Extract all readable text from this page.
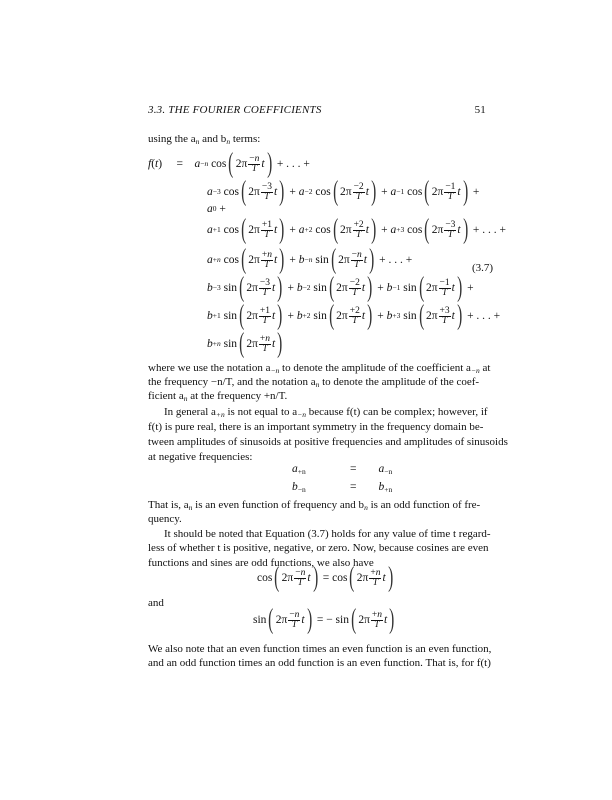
3.3. THE FOURIER COEFFICIENTS	51
using the $a_n$ and $b_n$ terms:
f ( t )     = a −n cos ( $2\pi \frac{-n}{T}$ t ) + . . . +
a −3 cos ( $2\pi \frac{-3}{T}$ t ) + a −2 cos ( $2\pi \frac{-2}{T}$ t ) + a −1 cos ( $2\pi \frac{-1}{T}$ t ) +
a 0 +
a +1 cos ( $2\pi \frac{+1}{T}$ t ) + a +2 cos ( $2\pi \frac{+2}{T}$ t ) + a +3 cos ( $2\pi \frac{-3}{T}$ t ) + . . . +
a +n cos ( $2\pi \frac{+n}{T}$ t ) + b −n sin ( $2\pi \frac{-n}{T}$ t ) + . . . +
(3.7)
b −3 sin ( $2\pi \frac{-3}{T}$ t ) + b −2 sin ( $2\pi \frac{-2}{T}$ t ) + b −1 sin ( $2\pi \frac{-1}{T}$ t ) +
b +1 sin ( $2\pi \frac{+1}{T}$ t ) + b +2 sin ( $2\pi \frac{+2}{T}$ t ) + b +3 sin ( $2\pi \frac{+3}{T}$ t ) + . . . +
b +n sin ( $2\pi \frac{+n}{T}$ t )
where we use the notation $a_{-n}$ to denote the amplitude of the coefficient $a_{-n}$ at
the frequency −n/T, and the notation $a_n$ to denote the amplitude of the coef-
ficient $a_n$ at the frequency +n/T.
In general $a_{+n}$ is not equal to $a_{-n}$ because f(t) can be complex; however, if
f(t) is pure real, there is an important symmetry in the frequency domain be-
tween amplitudes of sinusoids at positive frequencies and amplitudes of sinusoids
at negative frequencies:
$a_{+n}$	= $a_{-n}$
$b_{-n}$	= $b_{+n}$
That is, $a_n$ is an even function of frequency and $b_n$ is an odd function of fre-
quency.
It should be noted that Equation (3.7) holds for any value of time t regard-
less of whether t is positive, negative, or zero. Now, because cosines are even
functions and sines are odd functions, we also have
cos ( $2\pi \frac{-n}{T}$ t ) = cos ( $2\pi \frac{+n}{T}$ t )
and
sin ( $2\pi \frac{-n}{T}$ t ) = − sin ( $2\pi \frac{+n}{T}$ t )
We also note that an even function times an even function is an even function,
and an odd function times an odd function is an even function. That is, for f(t)
